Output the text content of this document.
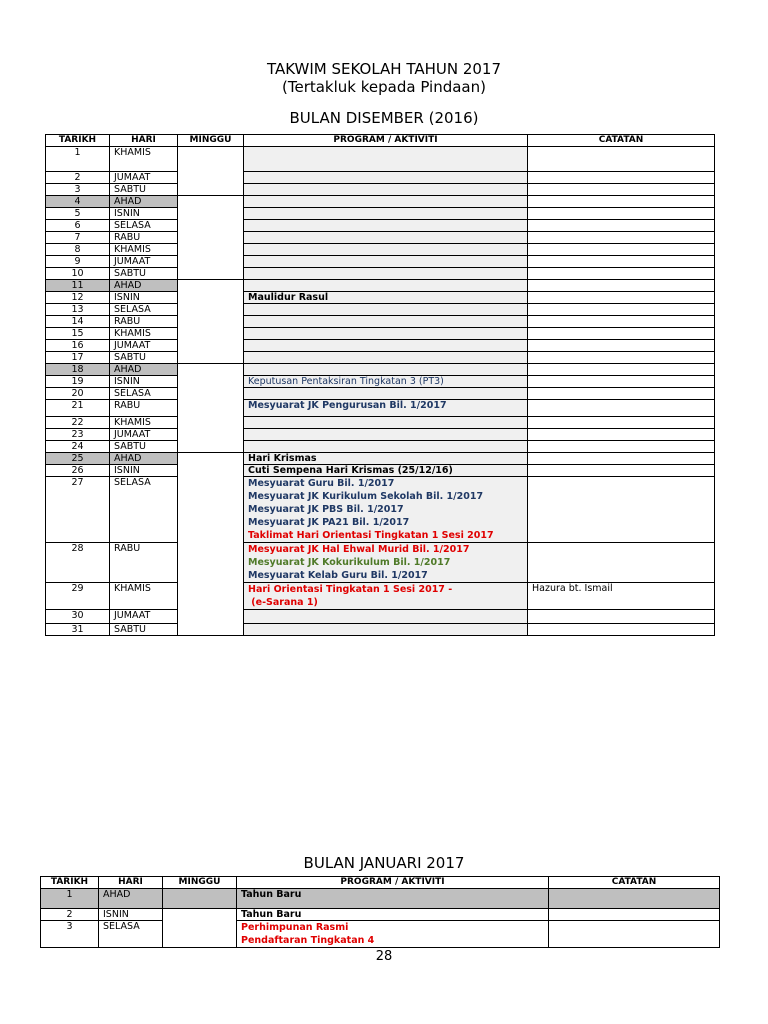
TAKWIM SEKOLAH TAHUN 2017
(Tertakluk kepada Pindaan)
BULAN DISEMBER (2016)
TARIKH	HARI	MINGGU	PROGRAM / AKTIVITI	CATATAN
1	KHAMIS			
2	JUMAAT			
3	SABTU			
4	AHAD			
5	ISNIN			
6	SELASA			
7	RABU			
8	KHAMIS			
9	JUMAAT			
10	SABTU			
11	AHAD			
12	ISNIN		Maulidur Rasul	
13	SELASA			
14	RABU			
15	KHAMIS			
16	JUMAAT			
17	SABTU			
18	AHAD			
19	ISNIN		Keputusan Pentaksiran Tingkatan 3 (PT3)	
20	SELASA			
21	RABU		Mesyuarat JK Pengurusan Bil. 1/2017	
22	KHAMIS			
23	JUMAAT			
24	SABTU			
25	AHAD		Hari Krismas	
26	ISNIN		Cuti Sempena Hari Krismas (25/12/16)	
27	SELASA		Mesyuarat Guru Bil. 1/2017
Mesyuarat JK Kurikulum Sekolah Bil. 1/2017
Mesyuarat JK PBS Bil. 1/2017
Mesyuarat JK PA21 Bil. 1/2017
Taklimat Hari Orientasi Tingkatan 1 Sesi 2017	

28	RABU		Mesyuarat JK Hal Ehwal Murid Bil. 1/2017
Mesyuarat JK Kokurikulum Bil. 1/2017
Mesyuarat Kelab Guru Bil. 1/2017	

29	KHAMIS		Hari Orientasi Tingkatan 1 Sesi 2017 -
(e-Sarana 1)	Hazura bt. Ismail
30	JUMAAT			
31	SABTU			
BULAN JANUARI 2017
TARIKH	HARI	MINGGU	PROGRAM / AKTIVITI	CATATAN
1	AHAD		Tahun Baru	
2	ISNIN		Tahun Baru	
3	SELASA		Perhimpunan Rasmi
Pendaftaran Tingkatan 4	

28
